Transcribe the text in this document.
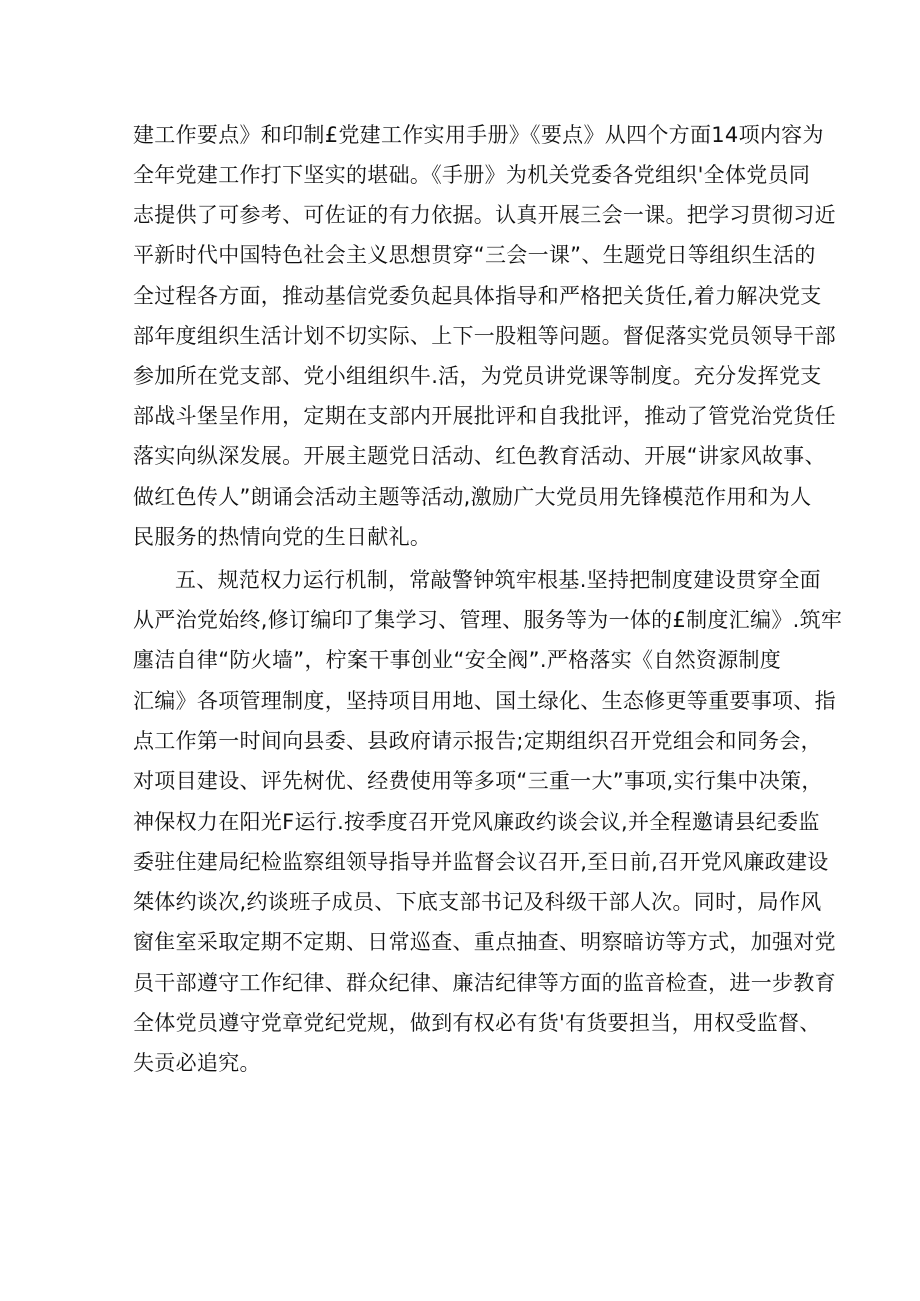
建工作要点》和印制£党建工作实用手册》《要点》从四个方面14项内容为
全年党建工作打下坚实的堪础。《手册》为机关党委各党组织'全体党员同
志提供了可参考、可佐证的有力依据。认真开展三会一课。把学习贯彻习近
平新时代中国特色社会主义思想贯穿“三会一课”、生题党日等组织生活的
全过程各方面，推动基信党委负起具体指导和严格把关货任,着力解决党支
部年度组织生活计划不切实际、上下一股粗等问题。督促落实党员领导干部
参加所在党支部、党小组组织牛.活，为党员讲党课等制度。充分发挥党支
部战斗堡呈作用，定期在支部内开展批评和自我批评，推动了管党治党货任
落实向纵深发展。开展主题党日活动、红色教育活动、开展“讲家风故事、
做红色传人”朗诵会活动主题等活动,激励广大党员用先锋模范作用和为人
民服务的热情向党的生日献礼。
五、规范权力运行机制，常敲警钟筑牢根基.坚持把制度建设贯穿全面
从严治党始终,修订编印了集学习、管理、服务等为一体的£制度汇编》.筑牢
廛洁自律“防火墙”，柠案干事创业“安全阀”.严格落实《自然资源制度
汇编》各项管理制度，坚持项目用地、国土绿化、生态修更等重要事项、指
点工作第一时间向县委、县政府请示报告;定期组织召开党组会和同务会，
对项目建设、评先树优、经费使用等多项“三重一大”事项,实行集中决策，
神保权力在阳光F运行.按季度召开党风廉政约谈会议,并全程邀请县纪委监
委驻住建局纪检监察组领导指导并监督会议召开,至日前,召开党风廉政建设
桀体约谈次,约谈班子成员、下底支部书记及科级干部人次。同时，局作风
窗隹室采取定期不定期、日常巡查、重点抽查、明察暗访等方式，加强对党
员干部遵守工作纪律、群众纪律、廉洁纪律等方面的监音检查，进一步教育
全体党员遵守党章党纪党规，做到有权必有货'有货要担当，用权受监督、
失贡必追究。
